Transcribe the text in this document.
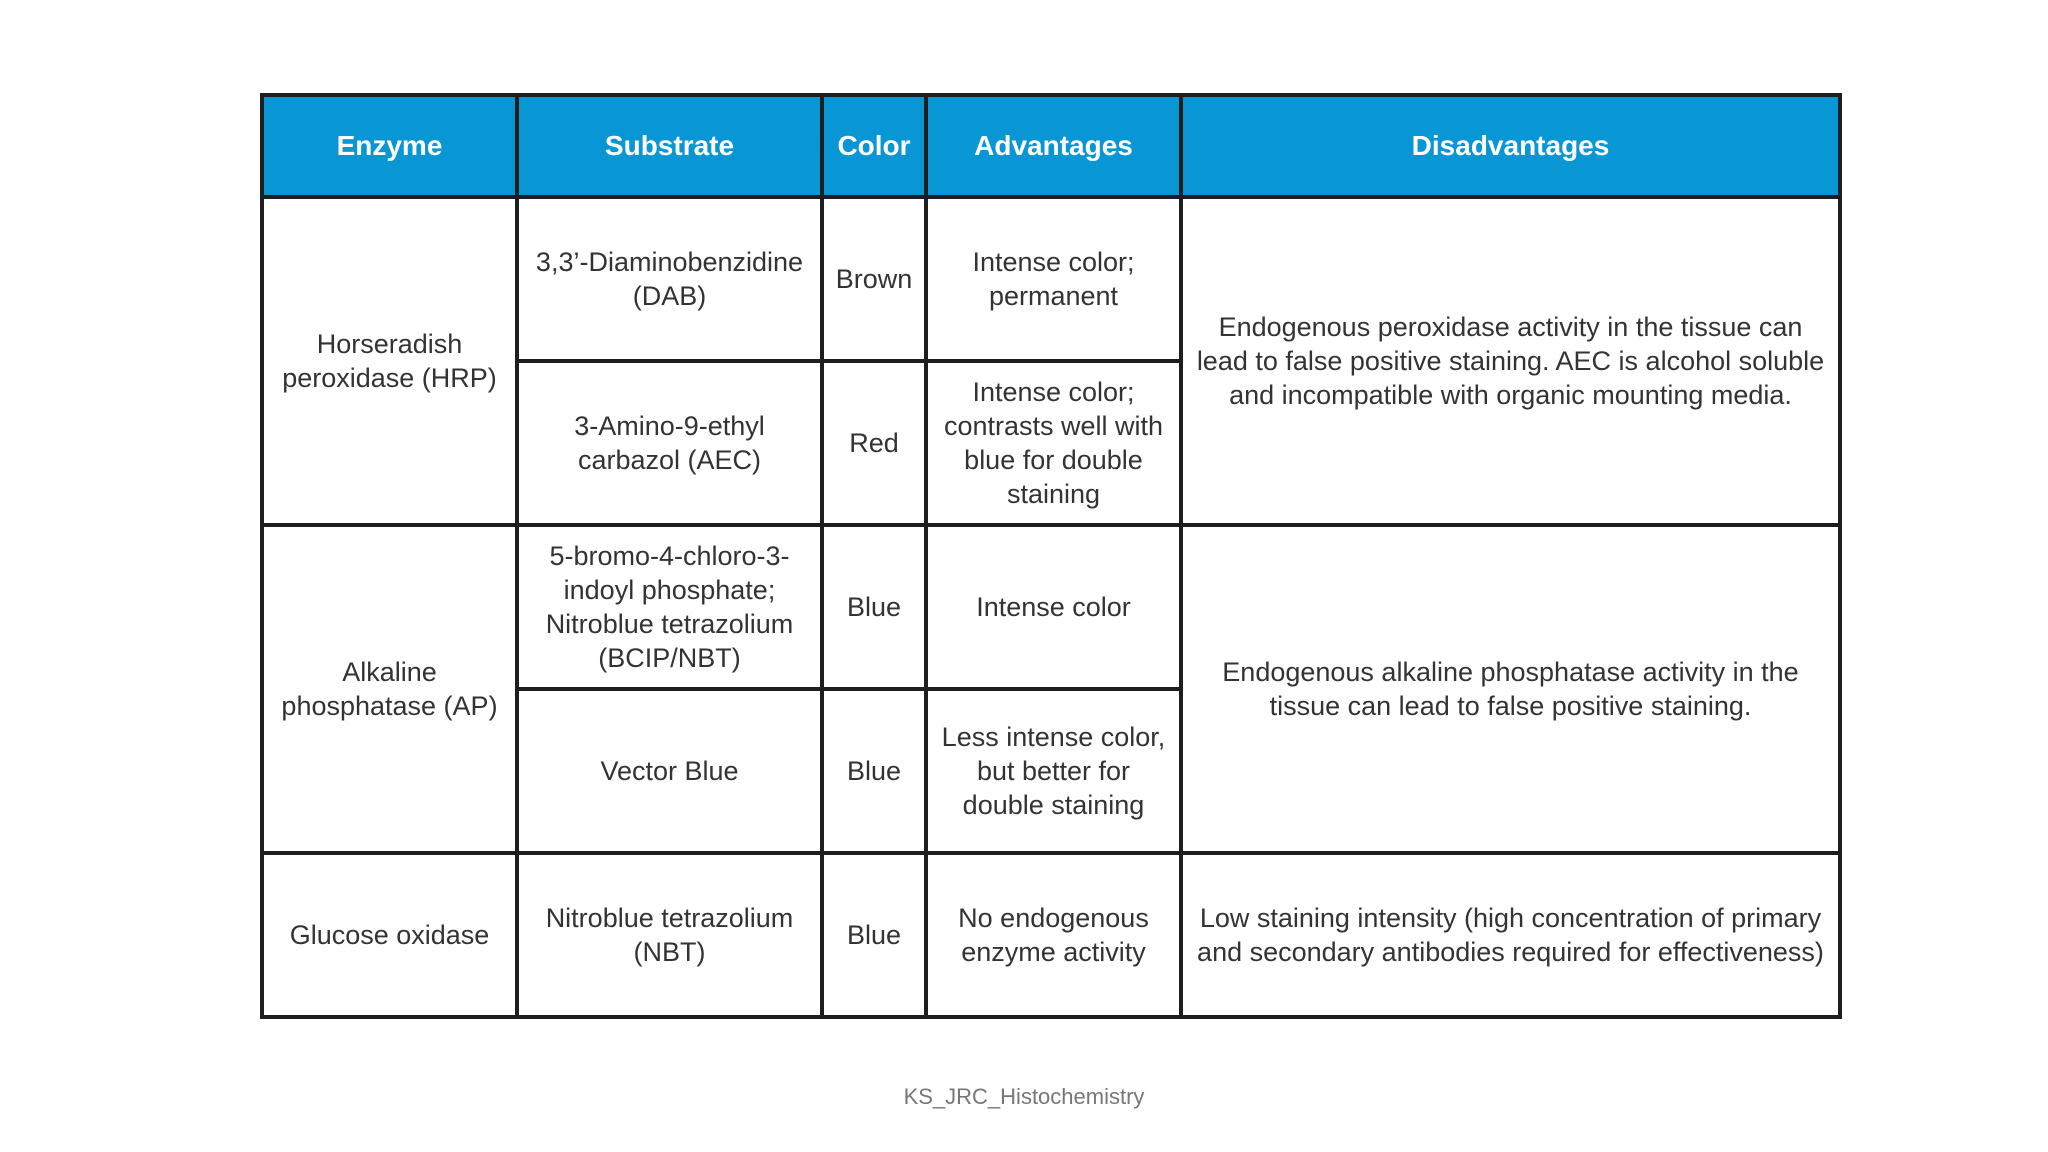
Enzyme	Substrate	Color	Advantages	Disadvantages
Horseradish peroxidase (HRP)	3,3’-Diaminobenzidine (DAB)	Brown	Intense color; permanent	Endogenous peroxidase activity in the tissue can lead to false positive staining. AEC is alcohol soluble and incompatible with organic mounting media.
	3-Amino-9-ethyl carbazol (AEC)	Red	Intense color; contrasts well with blue for double staining	
Alkaline phosphatase (AP)	5-bromo-4-chloro-3-indoyl phosphate; Nitroblue tetrazolium (BCIP/NBT)	Blue	Intense color	Endogenous alkaline phosphatase activity in the tissue can lead to false positive staining.
	Vector Blue	Blue	Less intense color, but better for double staining	
Glucose oxidase	Nitroblue tetrazolium (NBT)	Blue	No endogenous enzyme activity	Low staining intensity (high concentration of primary and secondary antibodies required for effectiveness)
KS_JRC_Histochemistry
